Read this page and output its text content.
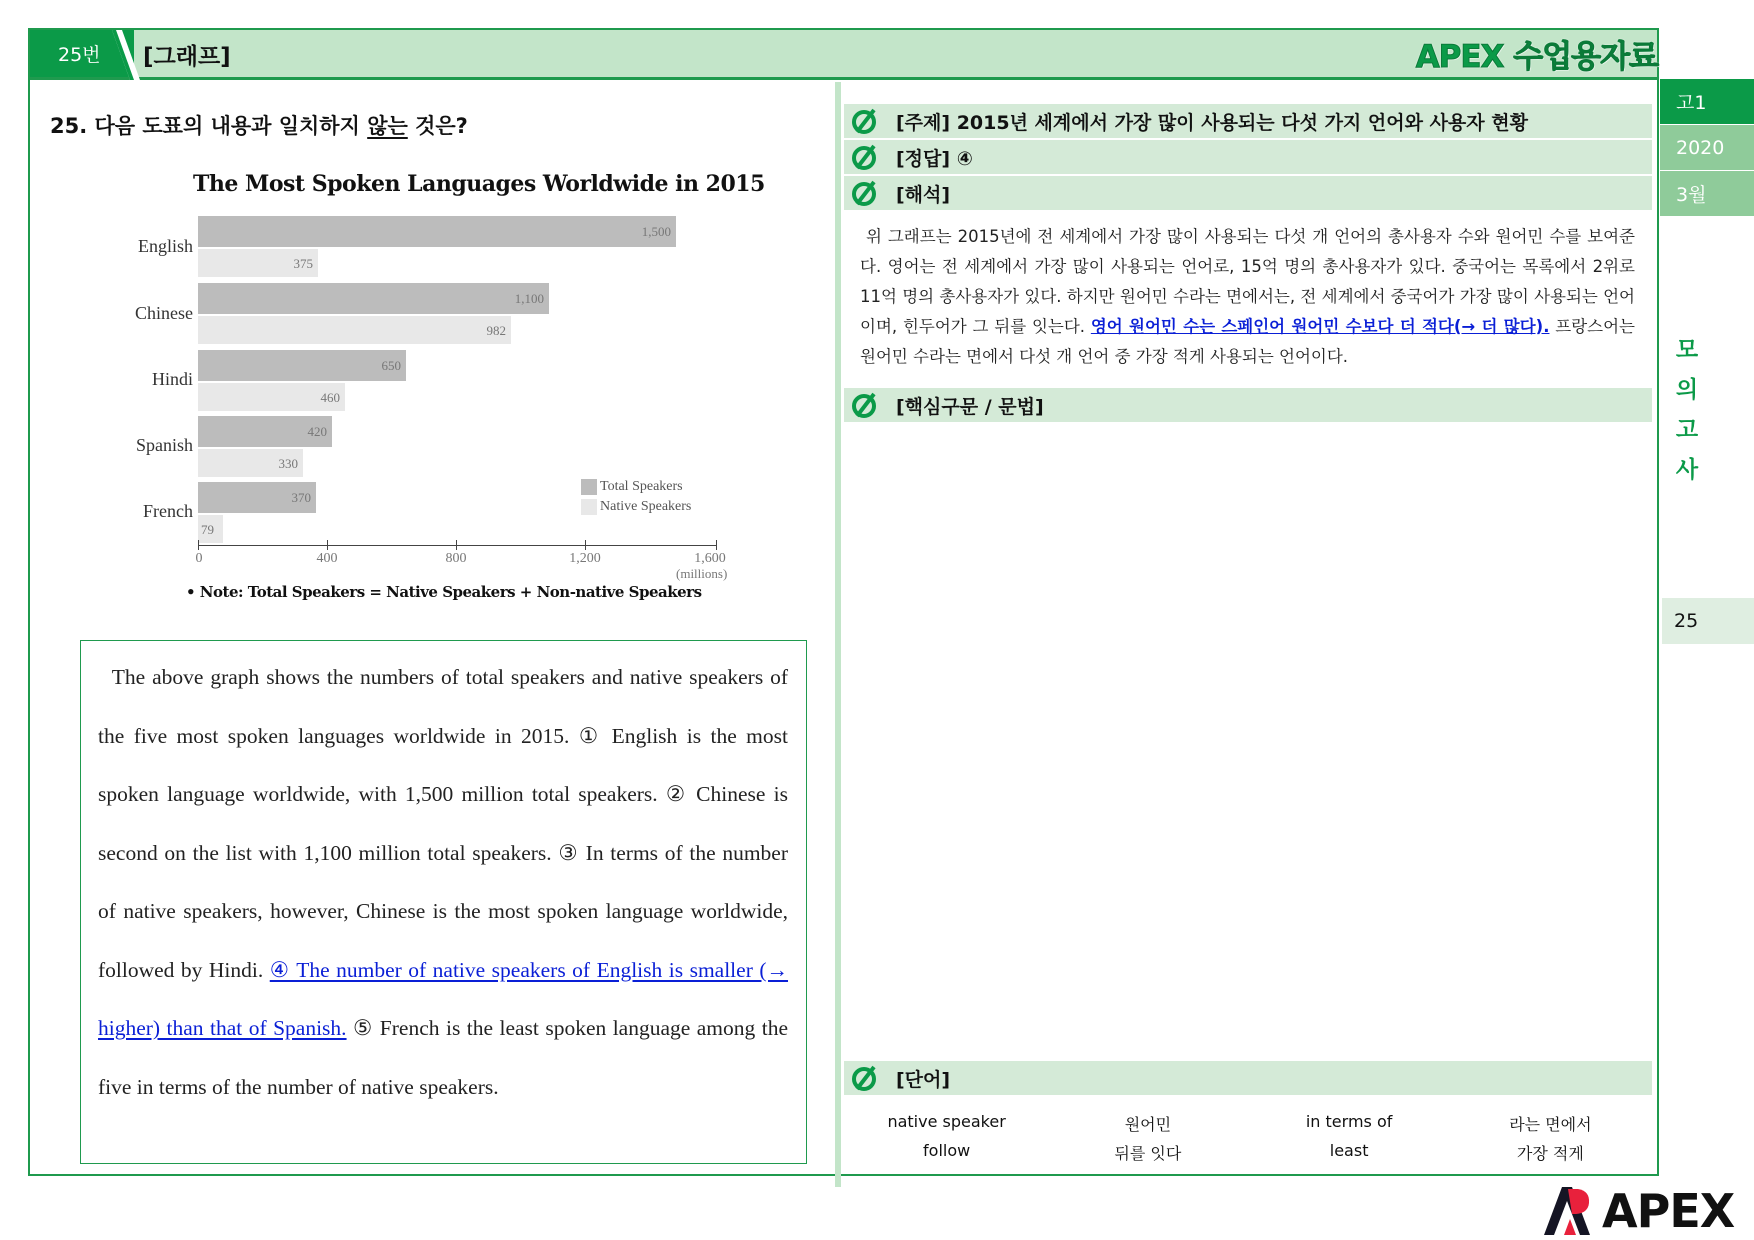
25번 [그래프]	APEX 수업용자료
고1
2020
3월
모
의
고
사
25
25. 다음 도표의 내용과 일치하지 않는 것은?
The Most Spoken Languages Worldwide in 2015
English
1,500
375
Chinese
1,100
982
Hindi
650
460
Spanish
420
330
French
370
79
0	400	800	1,200	1,600
(millions)
Total Speakers
Native Speakers
• Note: Total Speakers = Native Speakers + Non-native Speakers
The above graph shows the numbers of total speakers and native speakers of the five most spoken languages worldwide in 2015. ① English is the most spoken language worldwide, with 1,500 million total speakers. ② Chinese is second on the list with 1,100 million total speakers. ③ In terms of the number of native speakers, however, Chinese is the most spoken language worldwide, followed by Hindi. ④ The number of native speakers of English is smaller (→ higher) than that of Spanish. ⑤ French is the least spoken language among the five in terms of the number of native speakers.
[주제] 2015년 세계에서 가장 많이 사용되는 다섯 가지 언어와 사용자 현황
[정답] ④
[해석]
위 그래프는 2015년에 전 세계에서 가장 많이 사용되는 다섯 개 언어의 총사용자 수와 원어민 수를 보여준다. 영어는 전 세계에서 가장 많이 사용되는 언어로, 15억 명의 총사용자가 있다. 중국어는 목록에서 2위로 11억 명의 총사용자가 있다. 하지만 원어민 수라는 면에서는, 전 세계에서 중국어가 가장 많이 사용되는 언어이며, 힌두어가 그 뒤를 잇는다. 영어 원어민 수는 스페인어 원어민 수보다 더 적다(→ 더 많다). 프랑스어는 원어민 수라는 면에서 다섯 개 언어 중 가장 적게 사용되는 언어이다.
[핵심구문 / 문법]
[단어]
native speaker	원어민	in terms of	라는 면에서
follow	뒤를 잇다	least	가장 적게
APEX
